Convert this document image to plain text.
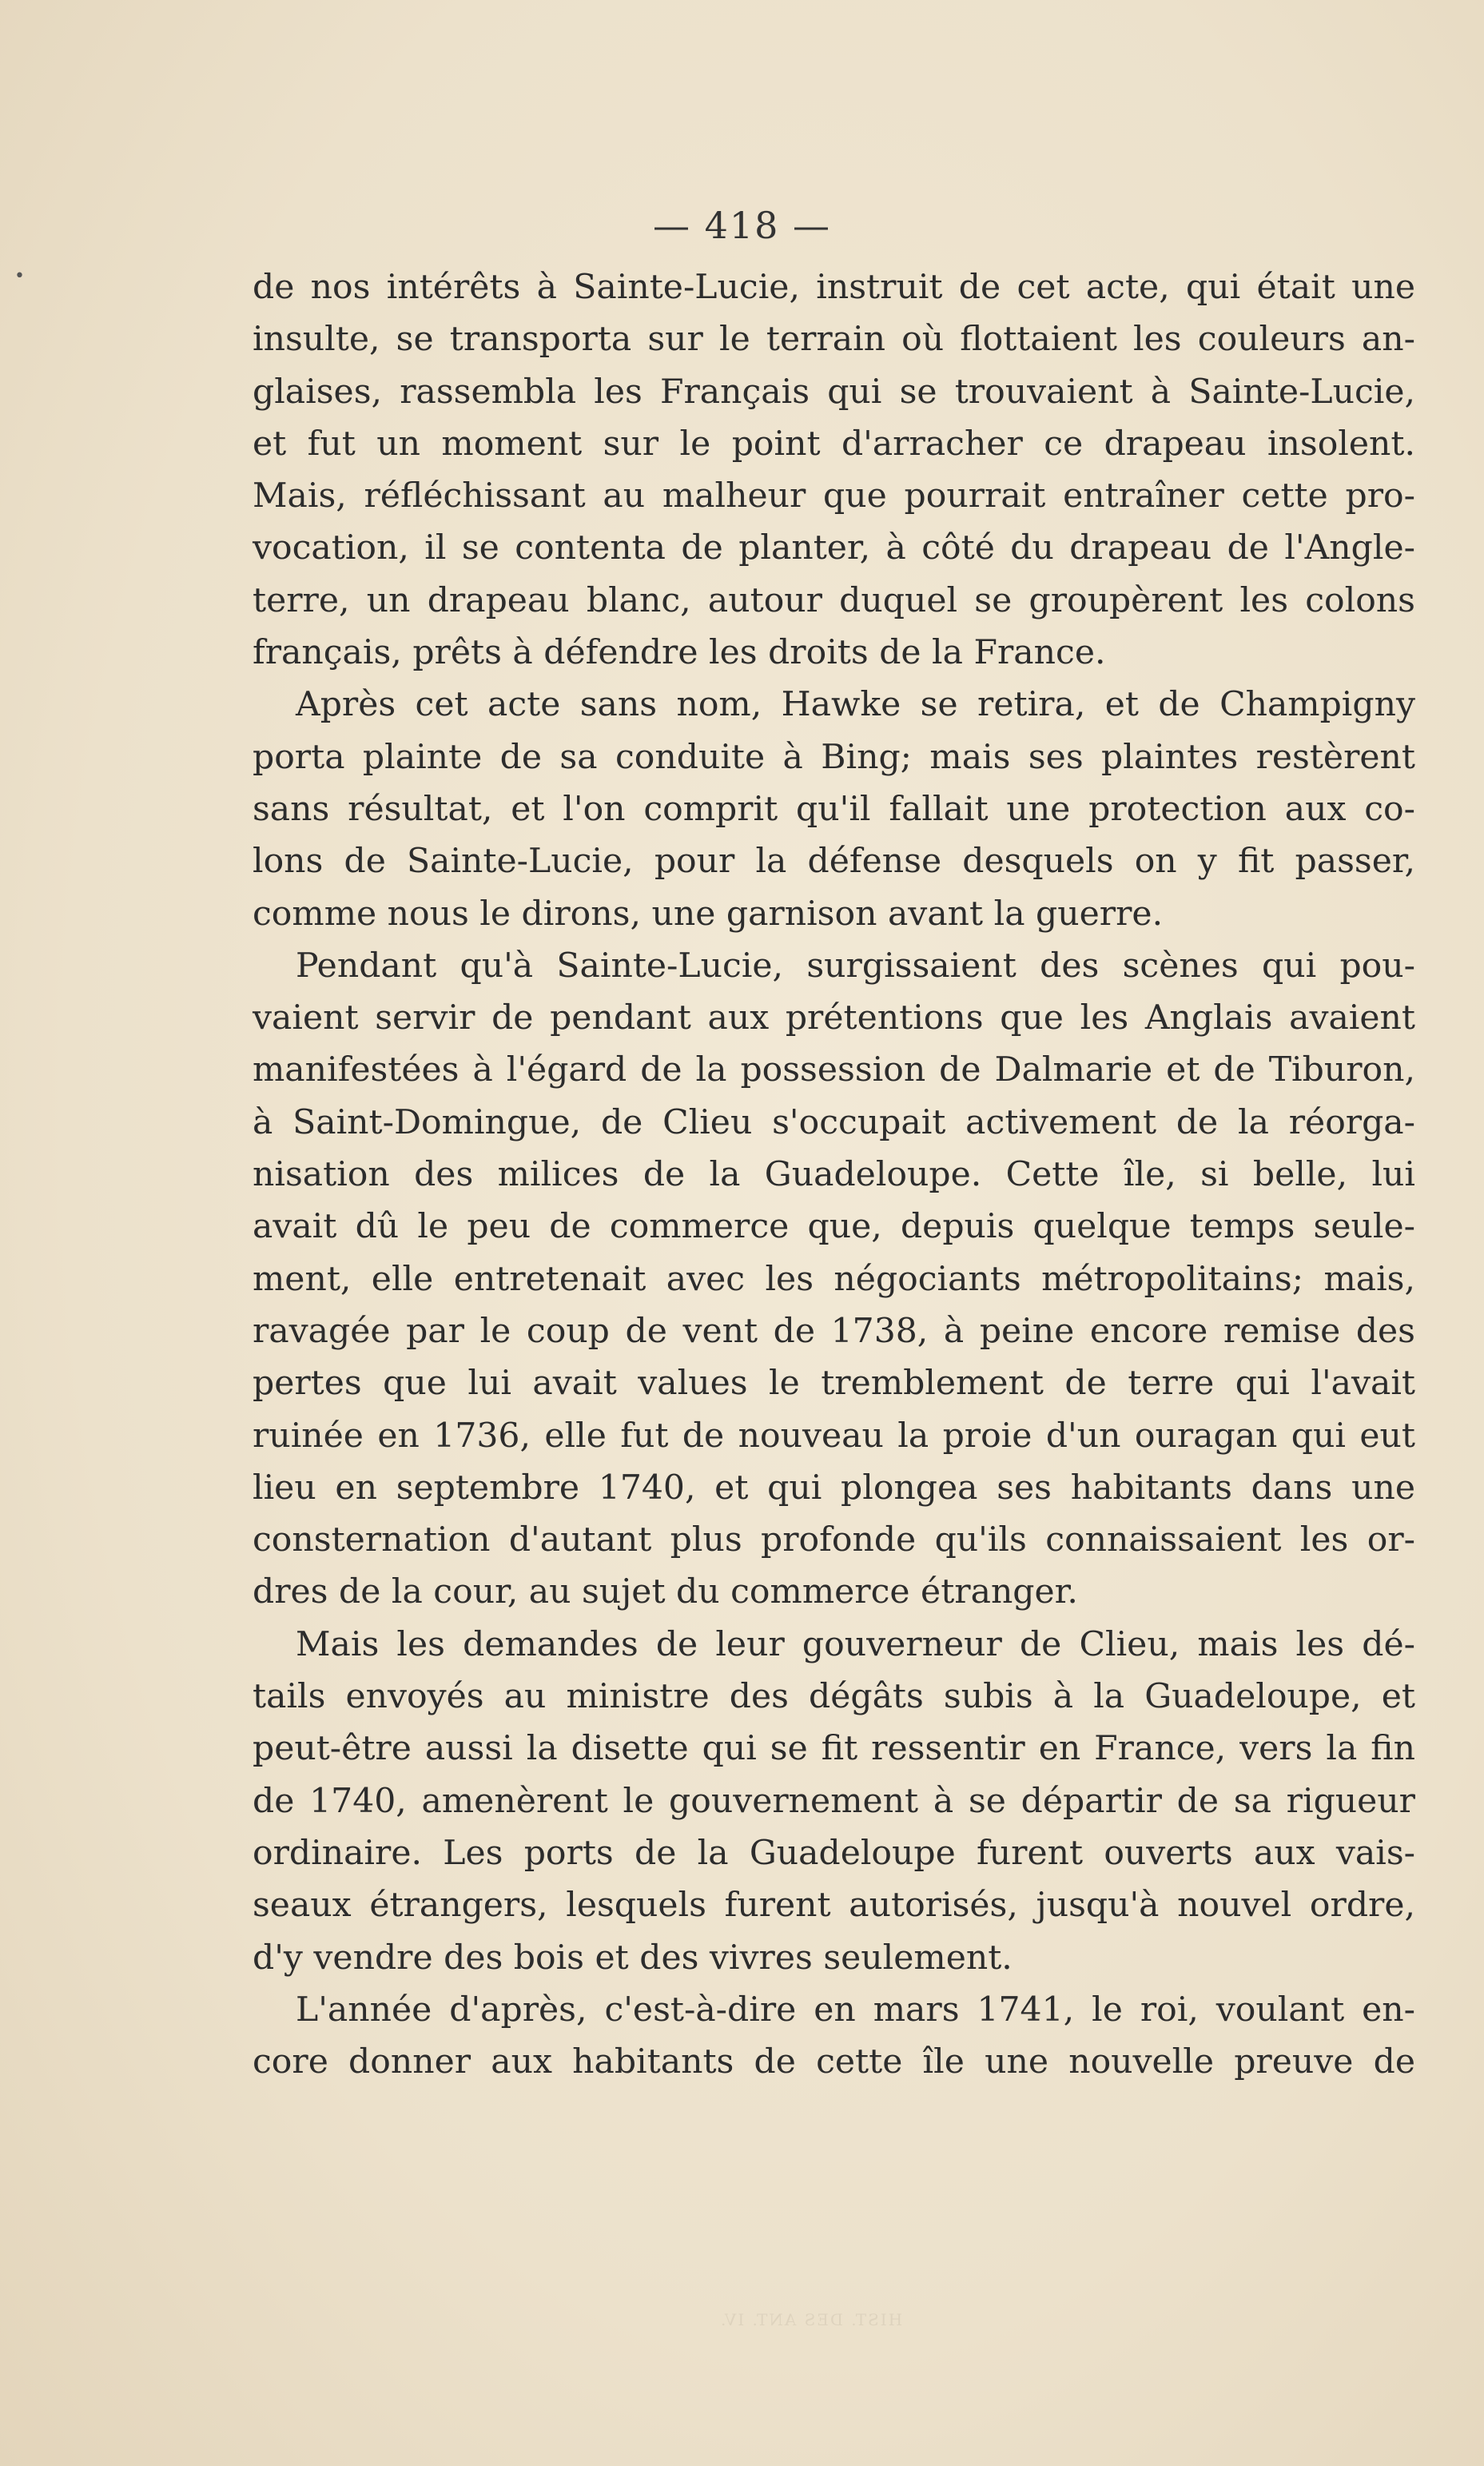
•
— 418 —
de nos intérêts à Sainte-Lucie, instruit de cet acte, qui était une
insulte, se transporta sur le terrain où flottaient les couleurs an-
glaises, rassembla les Français qui se trouvaient à Sainte-Lucie,
et fut un moment sur le point d'arracher ce drapeau insolent.
Mais, réfléchissant au malheur que pourrait entraîner cette pro-
vocation, il se contenta de planter, à côté du drapeau de l'Angle-
terre, un drapeau blanc, autour duquel se groupèrent les colons
français, prêts à défendre les droits de la France.
Après cet acte sans nom, Hawke se retira, et de Champigny
porta plainte de sa conduite à Bing; mais ses plaintes restèrent
sans résultat, et l'on comprit qu'il fallait une protection aux co-
lons de Sainte-Lucie, pour la défense desquels on y fit passer,
comme nous le dirons, une garnison avant la guerre.
Pendant qu'à Sainte-Lucie, surgissaient des scènes qui pou-
vaient servir de pendant aux prétentions que les Anglais avaient
manifestées à l'égard de la possession de Dalmarie et de Tiburon,
à Saint-Domingue, de Clieu s'occupait activement de la réorga-
nisation des milices de la Guadeloupe. Cette île, si belle, lui
avait dû le peu de commerce que, depuis quelque temps seule-
ment, elle entretenait avec les négociants métropolitains; mais,
ravagée par le coup de vent de 1738, à peine encore remise des
pertes que lui avait values le tremblement de terre qui l'avait
ruinée en 1736, elle fut de nouveau la proie d'un ouragan qui eut
lieu en septembre 1740, et qui plongea ses habitants dans une
consternation d'autant plus profonde qu'ils connaissaient les or-
dres de la cour, au sujet du commerce étranger.
Mais les demandes de leur gouverneur de Clieu, mais les dé-
tails envoyés au ministre des dégâts subis à la Guadeloupe, et
peut-être aussi la disette qui se fit ressentir en France, vers la fin
de 1740, amenèrent le gouvernement à se départir de sa rigueur
ordinaire. Les ports de la Guadeloupe furent ouverts aux vais-
seaux étrangers, lesquels furent autorisés, jusqu'à nouvel ordre,
d'y vendre des bois et des vivres seulement.
L'année d'après, c'est-à-dire en mars 1741, le roi, voulant en-
core donner aux habitants de cette île une nouvelle preuve de
HIST. DES ANT. IV.
